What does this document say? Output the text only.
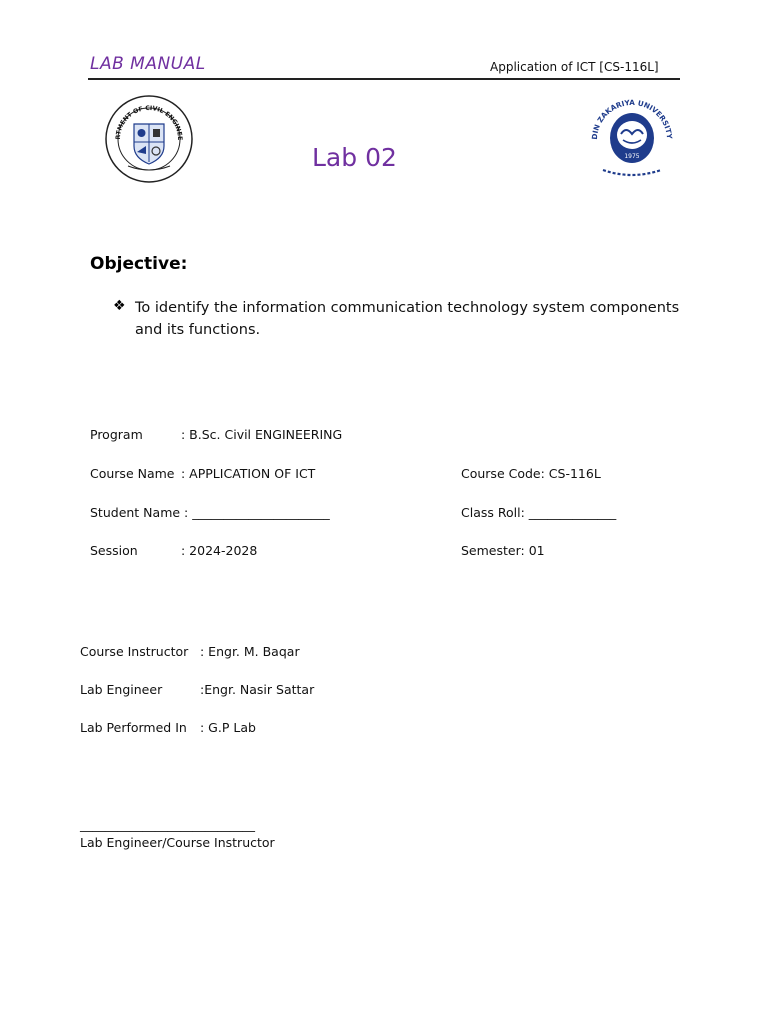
LAB MANUAL	Application of ICT [CS-116L]
RTMENT OF CIVIL ENGINEE
Lab 02
DIN ZAKARIYA UNIVERSITY
1975
Objective:
❖ To identify the information communication technology system components and its functions.
Program	: B.Sc. Civil ENGINEERING
Course Name : APPLICATION OF ICT	Course Code: CS-116L
Student Name : ______________________	Class Roll: ______________
Session	: 2024-2028	Semester: 01
Course Instructor : Engr. M. Baqar
Lab Engineer	:Engr. Nasir Sattar
Lab Performed In : G.P Lab
____________________________
Lab Engineer/Course Instructor
